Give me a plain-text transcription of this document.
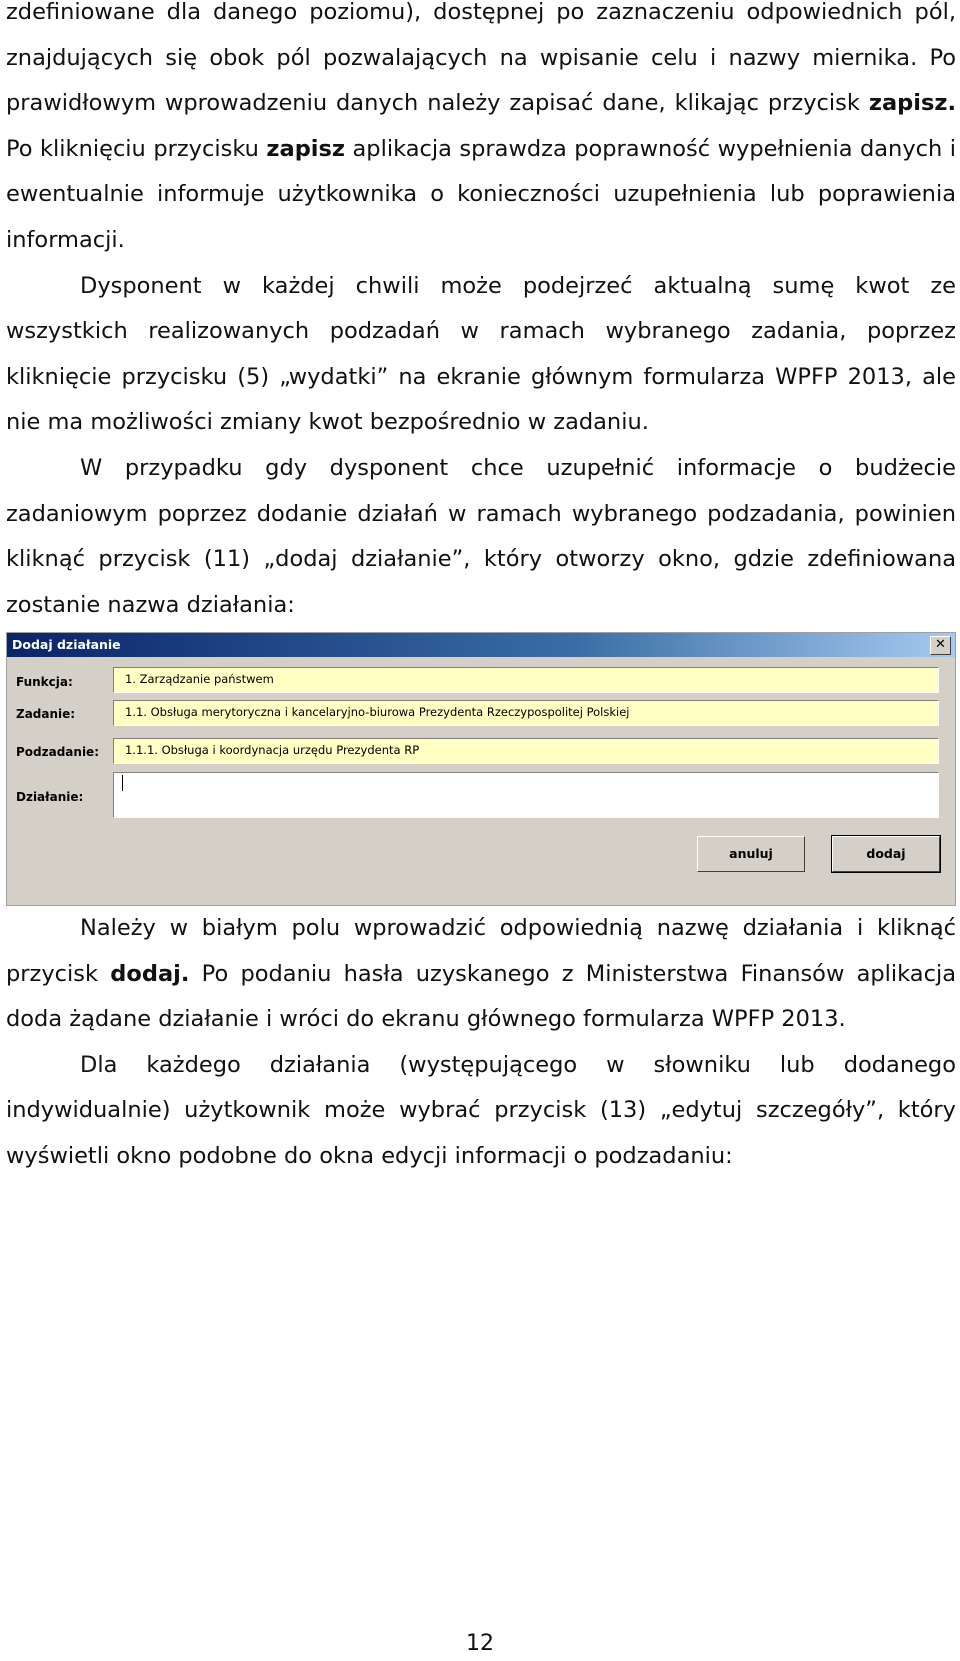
zdefiniowane dla danego poziomu), dostępnej po zaznaczeniu odpowiednich pól, znajdujących się obok pól pozwalających na wpisanie celu i nazwy miernika. Po prawidłowym wprowadzeniu danych należy zapisać dane, klikając przycisk zapisz. Po kliknięciu przycisku zapisz aplikacja sprawdza poprawność wypełnienia danych i ewentualnie informuje użytkownika o konieczności uzupełnienia lub poprawienia informacji.

Dysponent w każdej chwili może podejrzeć aktualną sumę kwot ze wszystkich realizowanych podzadań w ramach wybranego zadania, poprzez kliknięcie przycisku (5) „wydatki” na ekranie głównym formularza WPFP 2013, ale nie ma możliwości zmiany kwot bezpośrednio w zadaniu.

W przypadku gdy dysponent chce uzupełnić informacje o budżecie zadaniowym poprzez dodanie działań w ramach wybranego podzadania, powinien kliknąć przycisk (11) „dodaj działanie”, który otworzy okno, gdzie zdefiniowana zostanie nazwa działania:

Dodaj działanie	✕
Funkcja:	1. Zarządzanie państwem
Zadanie:	1.1. Obsługa merytoryczna i kancelaryjno-biurowa Prezydenta Rzeczypospolitej Polskiej
Podzadanie:	1.1.1. Obsługa i koordynacja urzędu Prezydenta RP
Działanie:
anuluj	dodaj

Należy w białym polu wprowadzić odpowiednią nazwę działania i kliknąć przycisk dodaj. Po podaniu hasła uzyskanego z Ministerstwa Finansów aplikacja doda żądane działanie i wróci do ekranu głównego formularza WPFP 2013.

Dla każdego działania (występującego w słowniku lub dodanego indywidualnie) użytkownik może wybrać przycisk (13) „edytuj szczegóły”, który wyświetli okno podobne do okna edycji informacji o podzadaniu:

12
